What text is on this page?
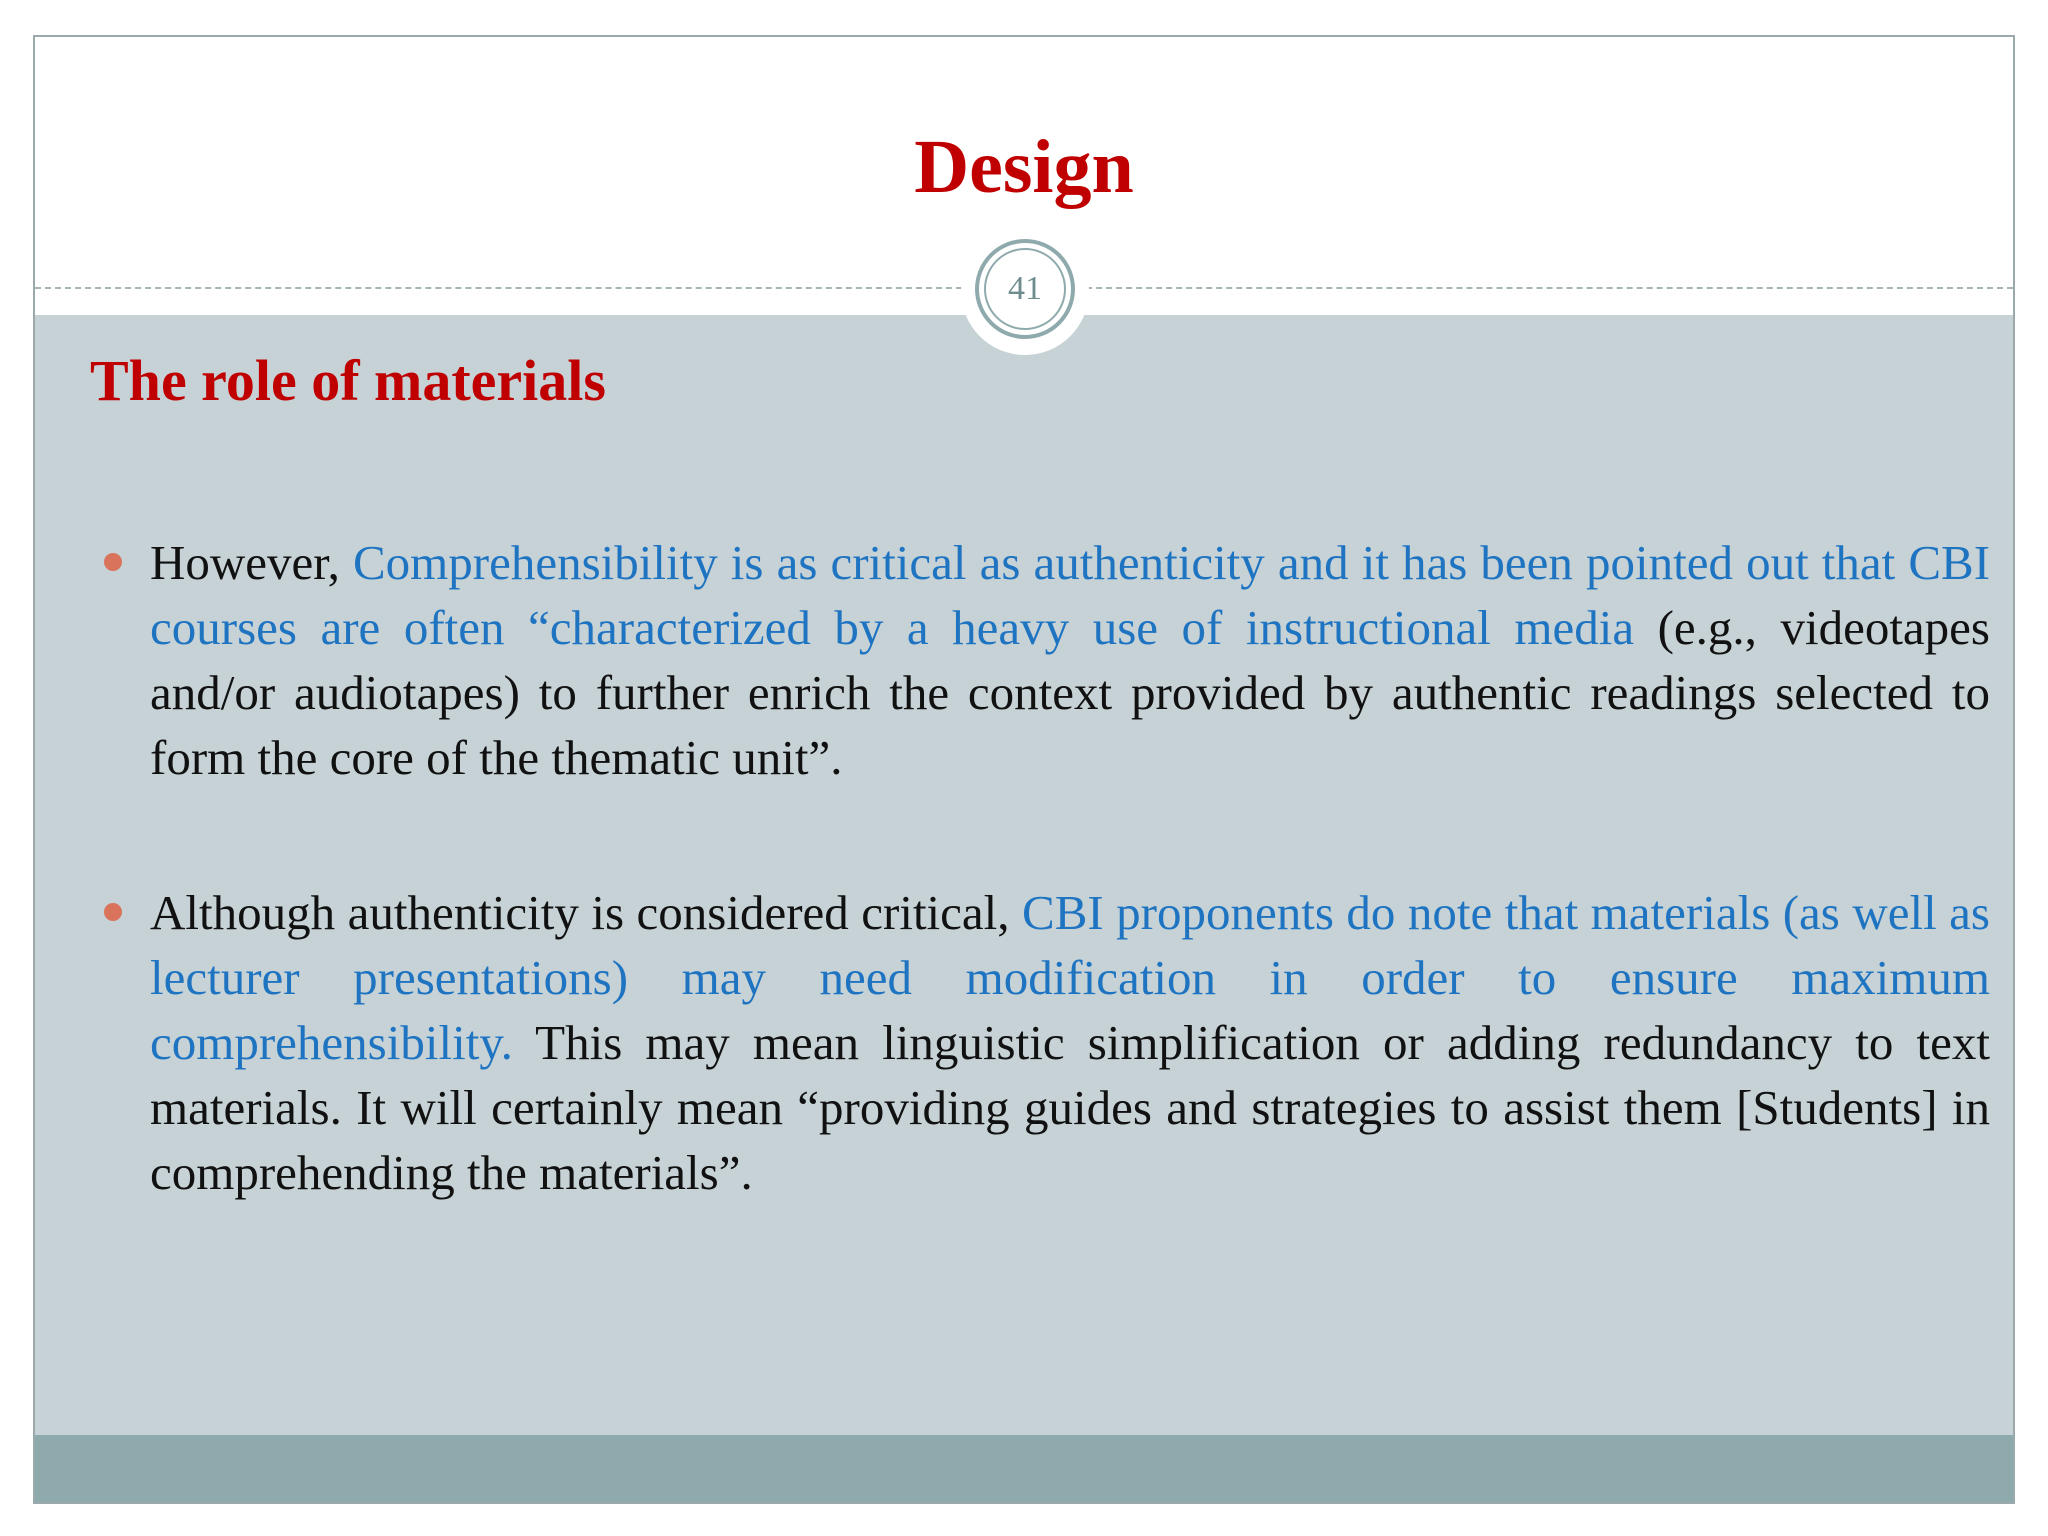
Design
41
The role of materials
However, Comprehensibility is as critical as authenticity and it has been pointed out that CBI courses are often “characterized by a heavy use of instructional media (e.g., videotapes and/or audiotapes) to further enrich the context provided by authentic readings selected to form the core of the thematic unit”.
Although authenticity is considered critical, CBI proponents do note that materials (as well as lecturer presentations) may need modification in order to ensure maximum comprehensibility. This may mean linguistic simplification or adding redundancy to text materials. It will certainly mean “providing guides and strategies to assist them [Students] in comprehending the materials”.
